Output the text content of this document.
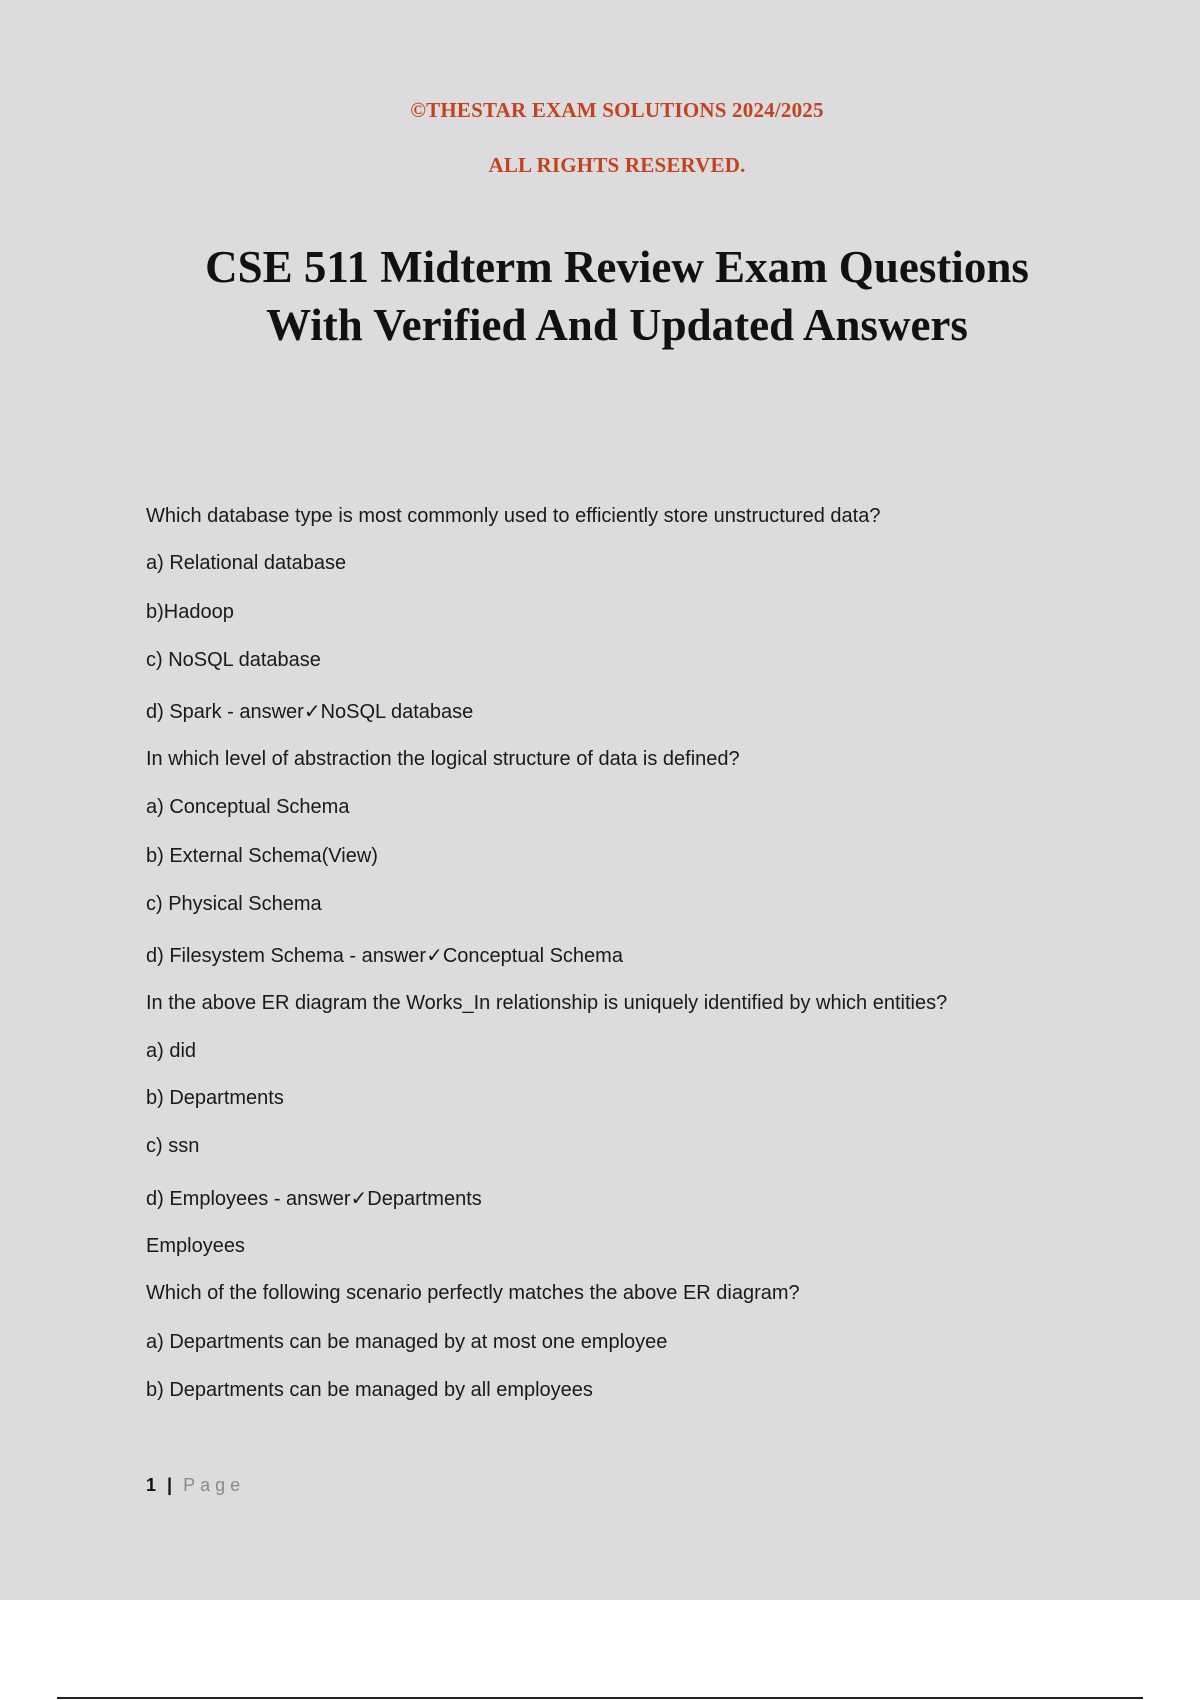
©THESTAR EXAM SOLUTIONS 2024/2025
ALL RIGHTS RESERVED.
CSE 511 Midterm Review Exam Questions
With Verified And Updated Answers
Which database type is most commonly used to efficiently store unstructured data?
a) Relational database
b)Hadoop
c) NoSQL database
d) Spark - answer✓NoSQL database
In which level of abstraction the logical structure of data is defined?
a) Conceptual Schema
b) External Schema(View)
c) Physical Schema
d) Filesystem Schema - answer✓Conceptual Schema
In the above ER diagram the Works_In relationship is uniquely identified by which entities?
a) did
b) Departments
c) ssn
d) Employees - answer✓Departments
Employees
Which of the following scenario perfectly matches the above ER diagram?
a) Departments can be managed by at most one employee
b) Departments can be managed by all employees
1 | Page
